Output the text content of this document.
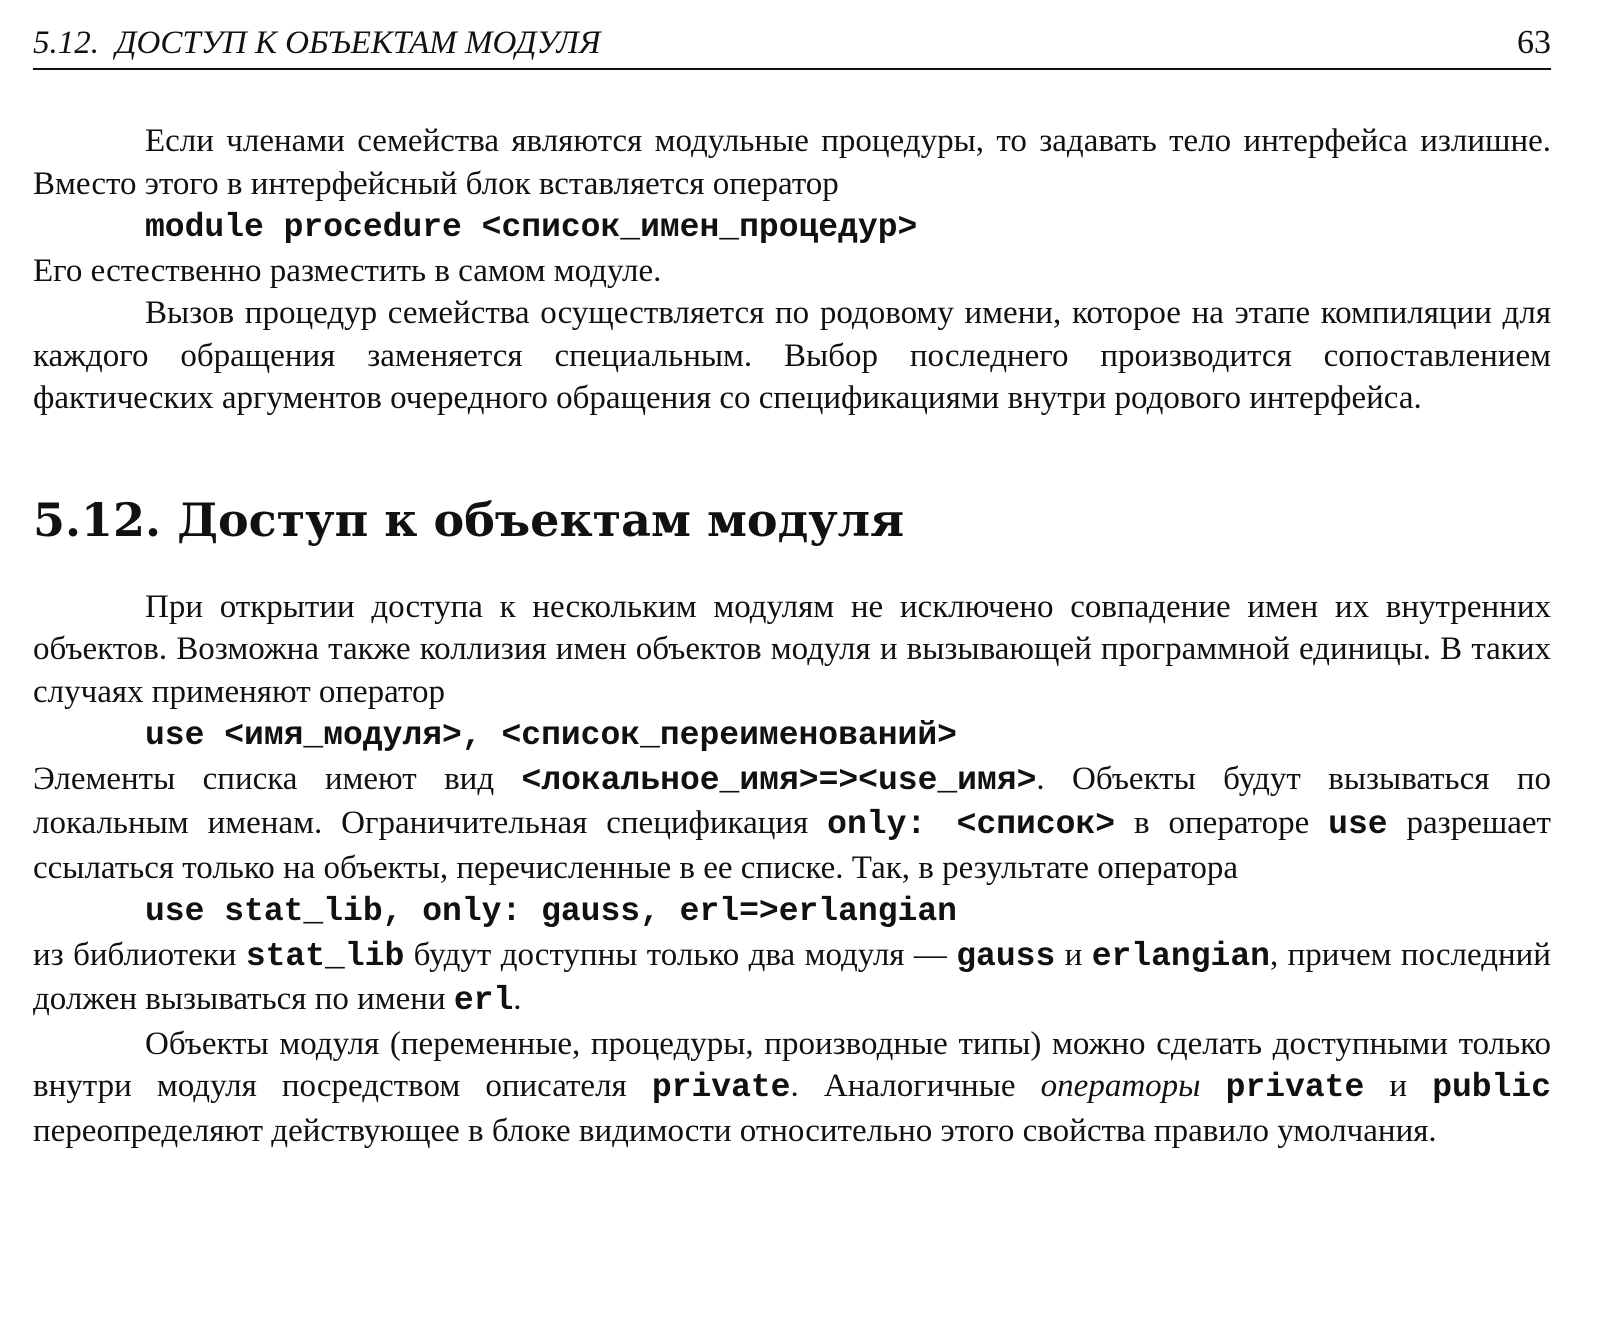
5.12. ДОСТУП К ОБЪЕКТАМ МОДУЛЯ	63

Если членами семейства являются модульные процедуры, то задавать тело интерфейса излишне. Вместо этого в интерфейсный блок вставляется оператор

module procedure <список_имен_процедур>

Его естественно разместить в самом модуле.

Вызов процедур семейства осуществляется по родовому имени, которое на этапе компиляции для каждого обращения заменяется специальным. Выбор последнего производится сопоставлением фактических аргументов очередного обращения со спецификациями внутри родового интерфейса.

5.12. Доступ к объектам модуля

При открытии доступа к нескольким модулям не исключено совпадение имен их внутренних объектов. Возможна также коллизия имен объектов модуля и вызывающей программной единицы. В таких случаях применяют оператор

use <имя_модуля>, <список_переименований>

Элементы списка имеют вид <локальное_имя>=><use_имя>. Объекты будут вызываться по локальным именам. Ограничительная спецификация only: <список> в операторе use разрешает ссылаться только на объекты, перечисленные в ее списке. Так, в результате оператора

use stat_lib, only: gauss, erl=>erlangian

из библиотеки stat_lib будут доступны только два модуля — gauss и erlangian, причем последний должен вызываться по имени erl.

Объекты модуля (переменные, процедуры, производные типы) можно сделать доступными только внутри модуля посредством описателя private. Аналогичные операторы private и public переопределяют действующее в блоке видимости относительно этого свойства правило умолчания.
